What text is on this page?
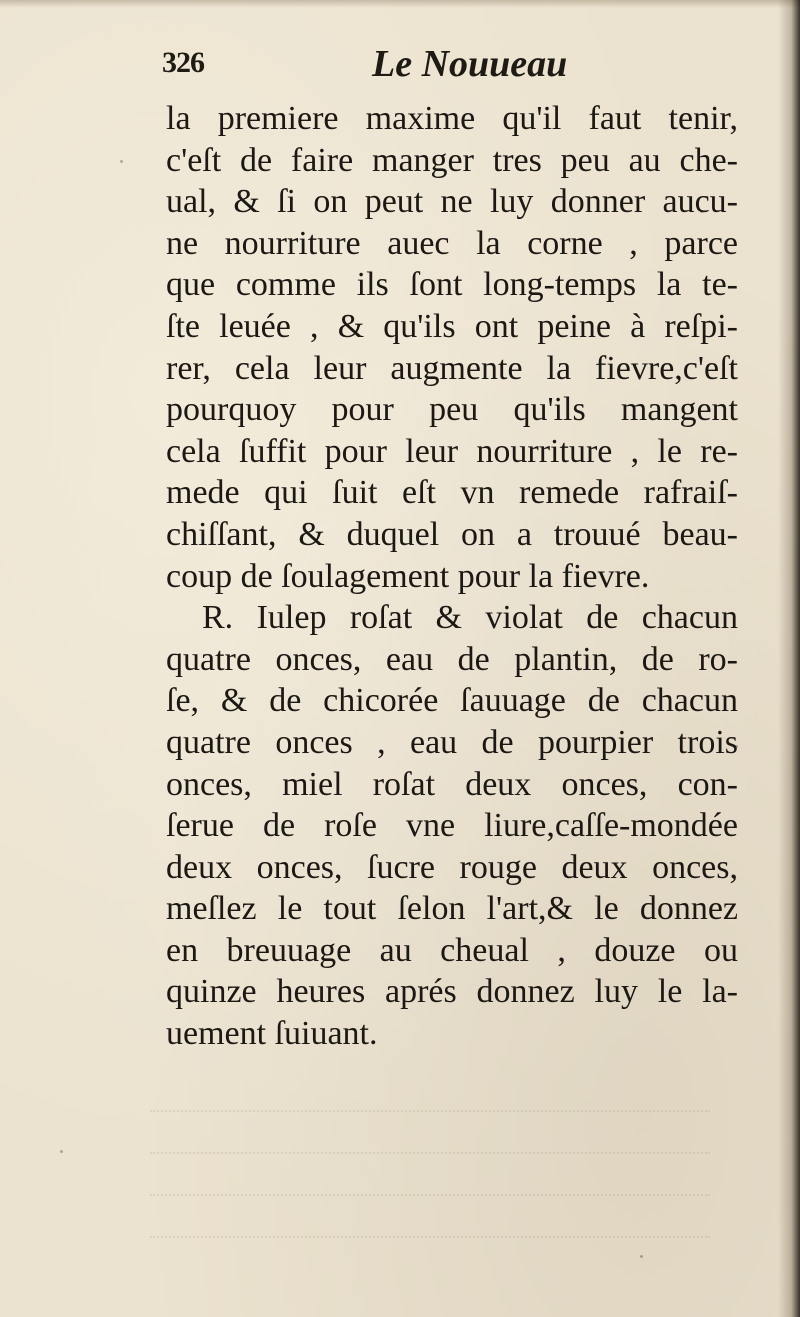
326	Le Nouueau
la premiere maxime qu'il faut tenir,
c'eſt de faire manger tres peu au che-
ual, & ſi on peut ne luy donner aucu-
ne nourriture auec la corne , parce
que comme ils ſont long-temps la te-
ſte leuée , & qu'ils ont peine à reſpi-
rer, cela leur augmente la fievre,c'eſt
pourquoy pour peu qu'ils mangent
cela ſuffit pour leur nourriture , le re-
mede qui ſuit eſt vn remede rafraiſ-
chiſſant, & duquel on a trouué beau-
coup de ſoulagement pour la fievre.
R. Iulep roſat & violat de chacun
quatre onces, eau de plantin, de ro-
ſe, & de chicorée ſauuage de chacun
quatre onces , eau de pourpier trois
onces, miel roſat deux onces, con-
ſerue de roſe vne liure,caſſe-mondée
deux onces, ſucre rouge deux onces,
meſlez le tout ſelon l'art,& le donnez
en breuuage au cheual , douze ou
quinze heures aprés donnez luy le la-
uement ſuiuant.
